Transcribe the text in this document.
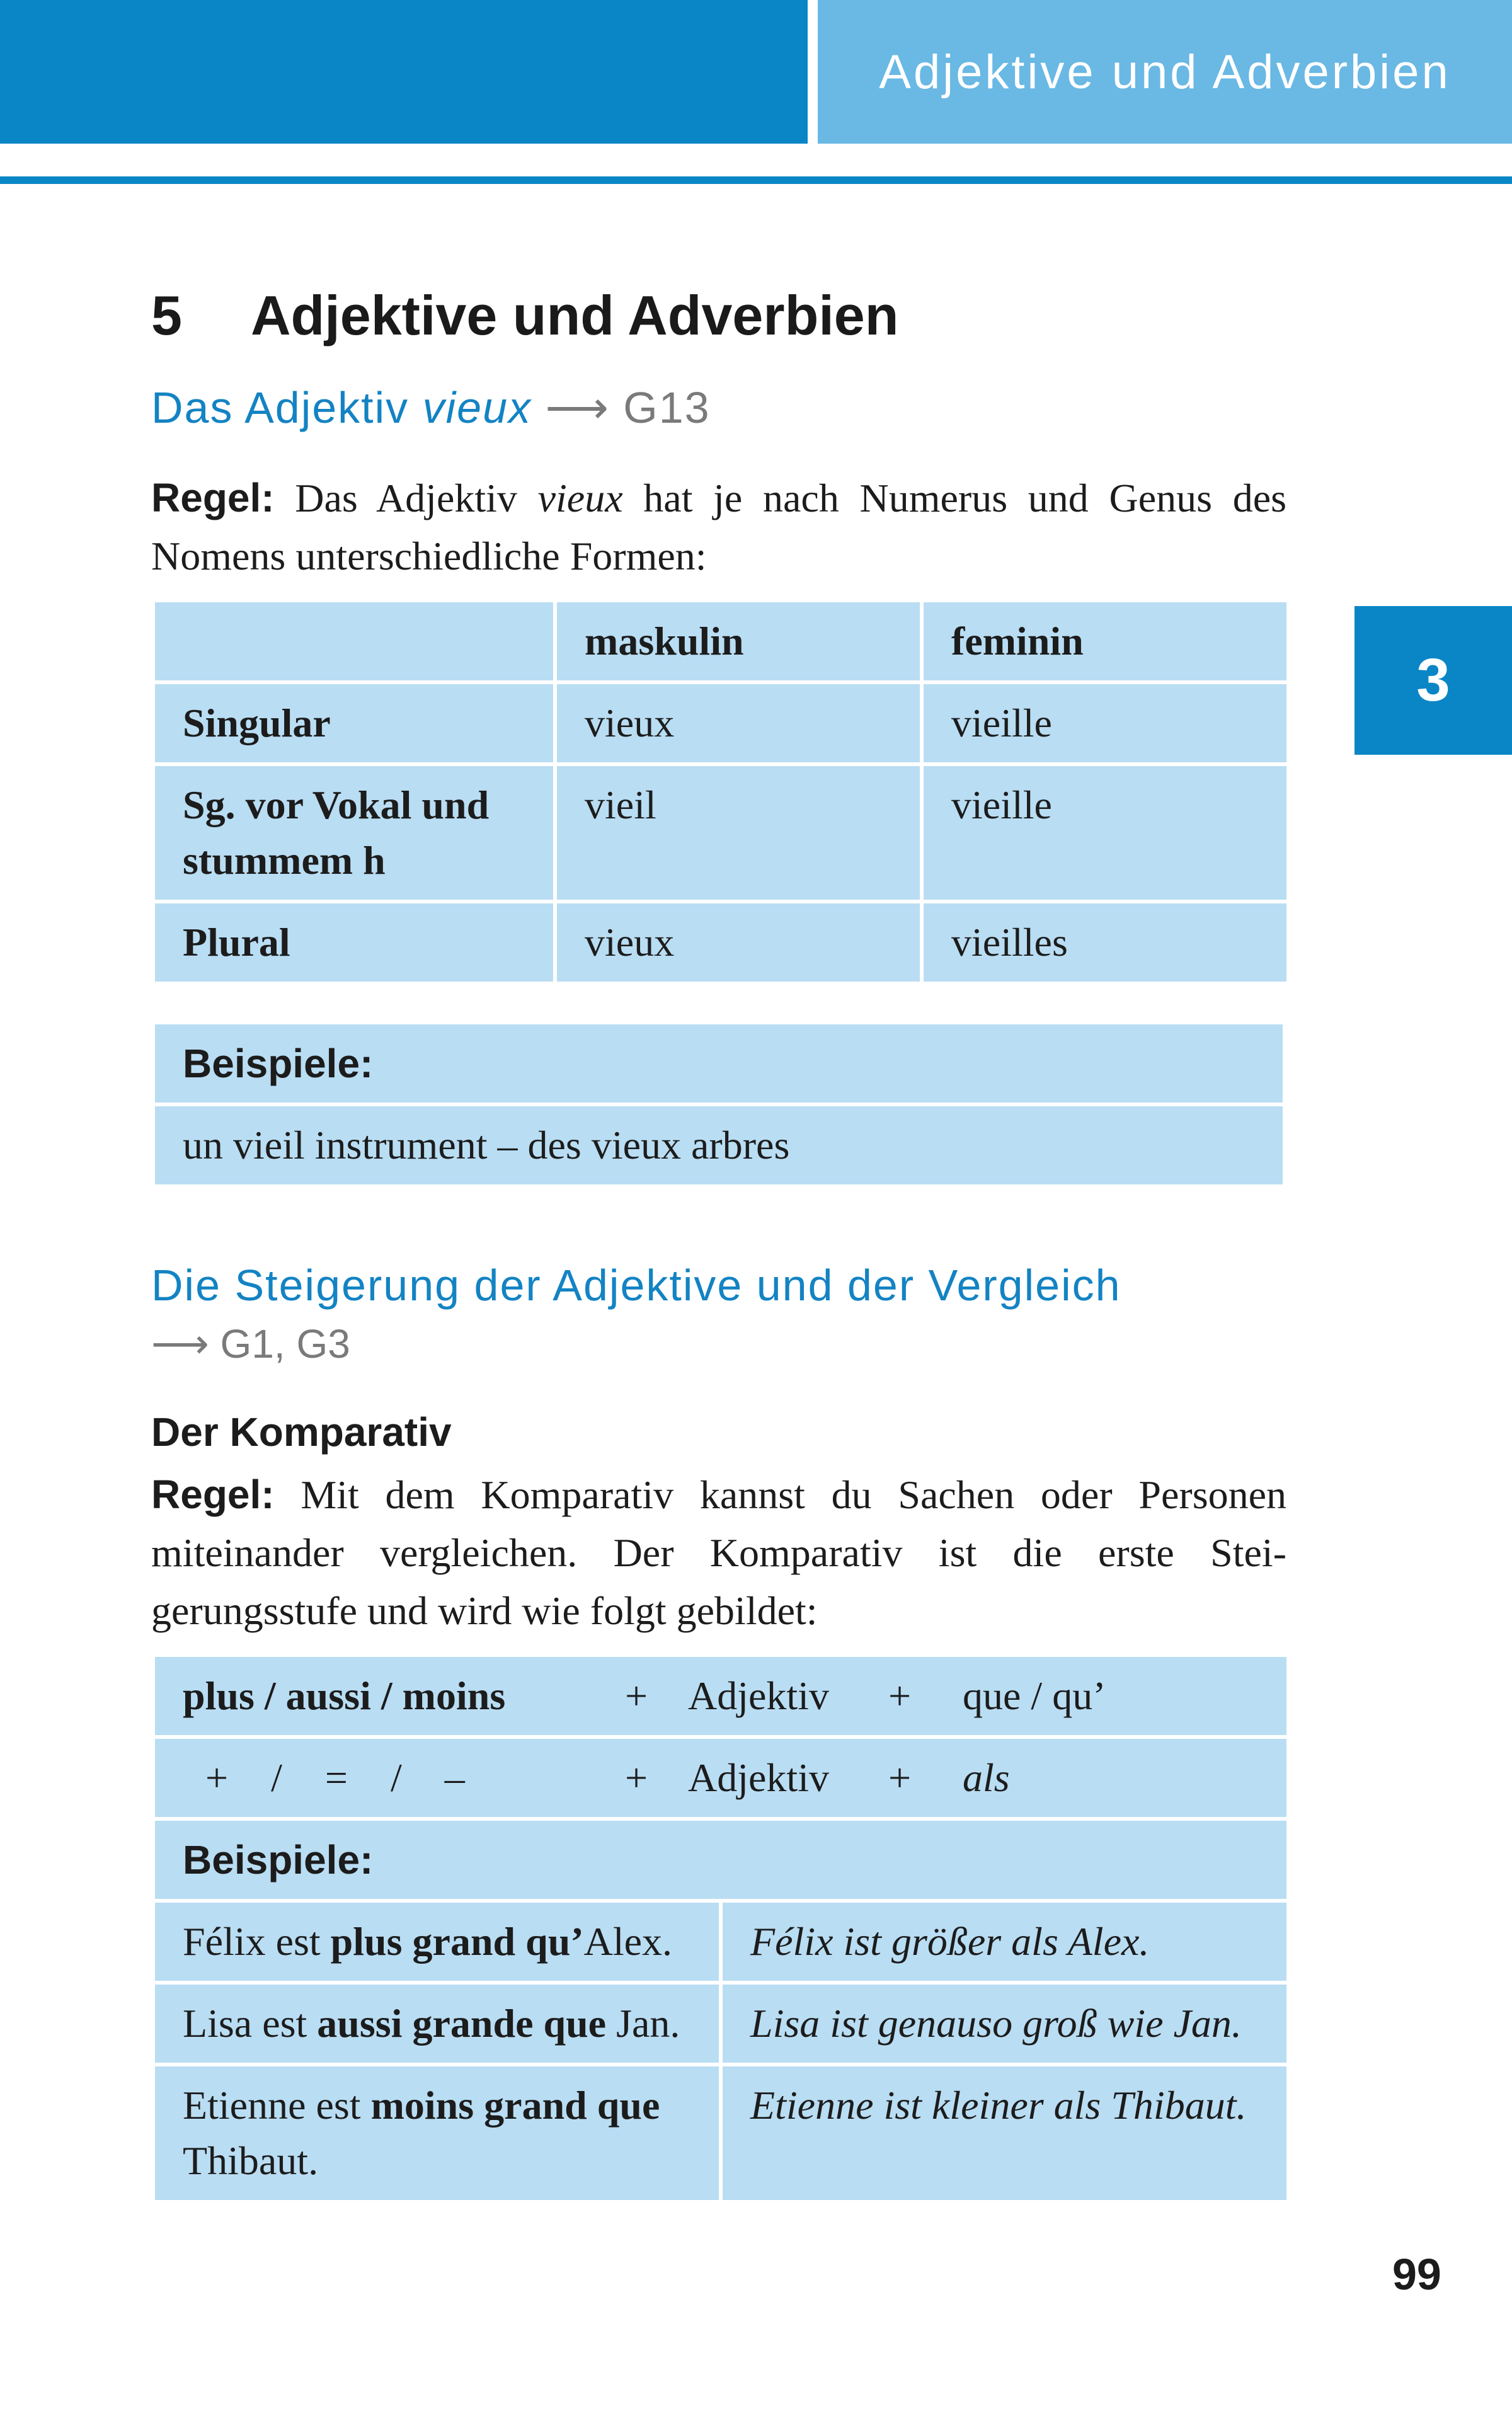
Adjektive und Adverbien
3
5 Adjektive und Adverbien
Das Adjektiv vieux ⟶ G13
Regel: Das Adjektiv vieux hat je nach Numerus und Genus des Nomens unterschiedliche Formen:
	maskulin	feminin
Singular	vieux	vieille
Sg. vor Vokal und stummem h	vieil	vieille
Plural	vieux	vieilles
Beispiele:
un vieil instrument – des vieux arbres
Die Steigerung der Adjektive und der Vergleich
⟶ G1, G3
Der Komparativ
Regel: Mit dem Komparativ kannst du Sachen oder Personen miteinander vergleichen. Der Komparativ ist die erste Steigerungsstufe und wird wie folgt gebildet:
plus / aussi / moins + Adjektiv + que / qu’	

+  /  =  /  – + Adjektiv + als	

Beispiele:	
Félix est plus grand qu’Alex.	Félix ist größer als Alex.
Lisa est aussi grande que Jan.	Lisa ist genauso groß wie Jan.
Etienne est moins grand que Thibaut.	Etienne ist kleiner als Thibaut.
99
